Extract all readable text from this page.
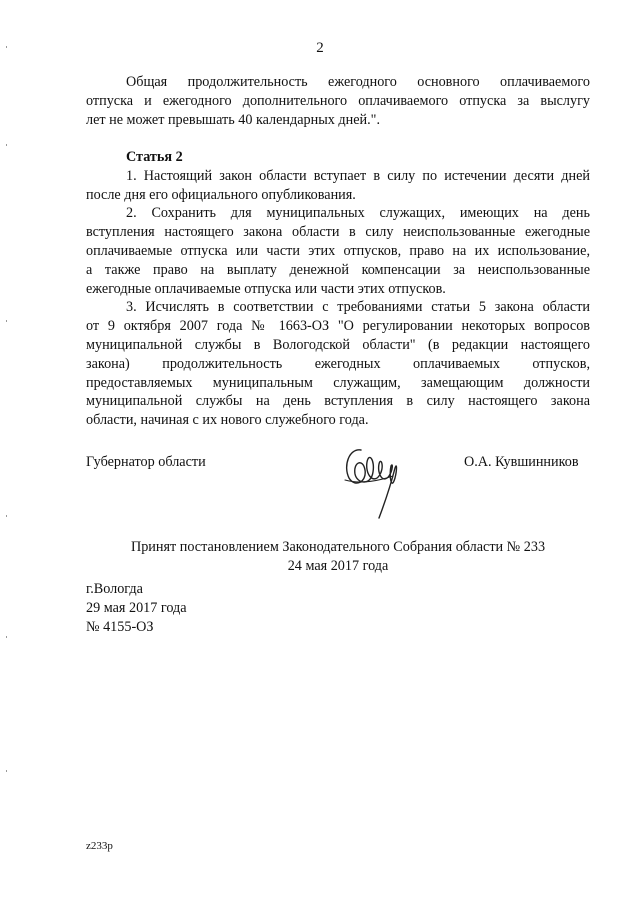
2

Общая продолжительность ежегодного основного оплачиваемого

отпуска и ежегодного дополнительного оплачиваемого отпуска за выслугу

лет не может превышать 40 календарных дней.".

Статья 2

1. Настоящий закон области вступает в силу по истечении десяти дней

после дня его официального опубликования.

2. Сохранить для муниципальных служащих, имеющих на день

вступления настоящего закона области в силу неиспользованные ежегодные

оплачиваемые отпуска или части этих отпусков, право на их использование,

а также право на выплату денежной компенсации за неиспользованные

ежегодные оплачиваемые отпуска или части этих отпусков.

3. Исчислять в соответствии с требованиями статьи 5 закона области

от 9 октября 2007 года № 1663-ОЗ "О регулировании некоторых вопросов

муниципальной службы в Вологодской области" (в редакции настоящего

закона) продолжительность ежегодных оплачиваемых отпусков,

предоставляемых муниципальным служащим, замещающим должности

муниципальной службы на день вступления в силу настоящего закона

области, начиная с их нового служебного года.

Губернатор области	О.А. Кувшинников
Принят постановлением Законодательного Собрания области № 233
24 мая 2017 года
г.Вологда
29 мая 2017 года
№ 4155-ОЗ
z233p
